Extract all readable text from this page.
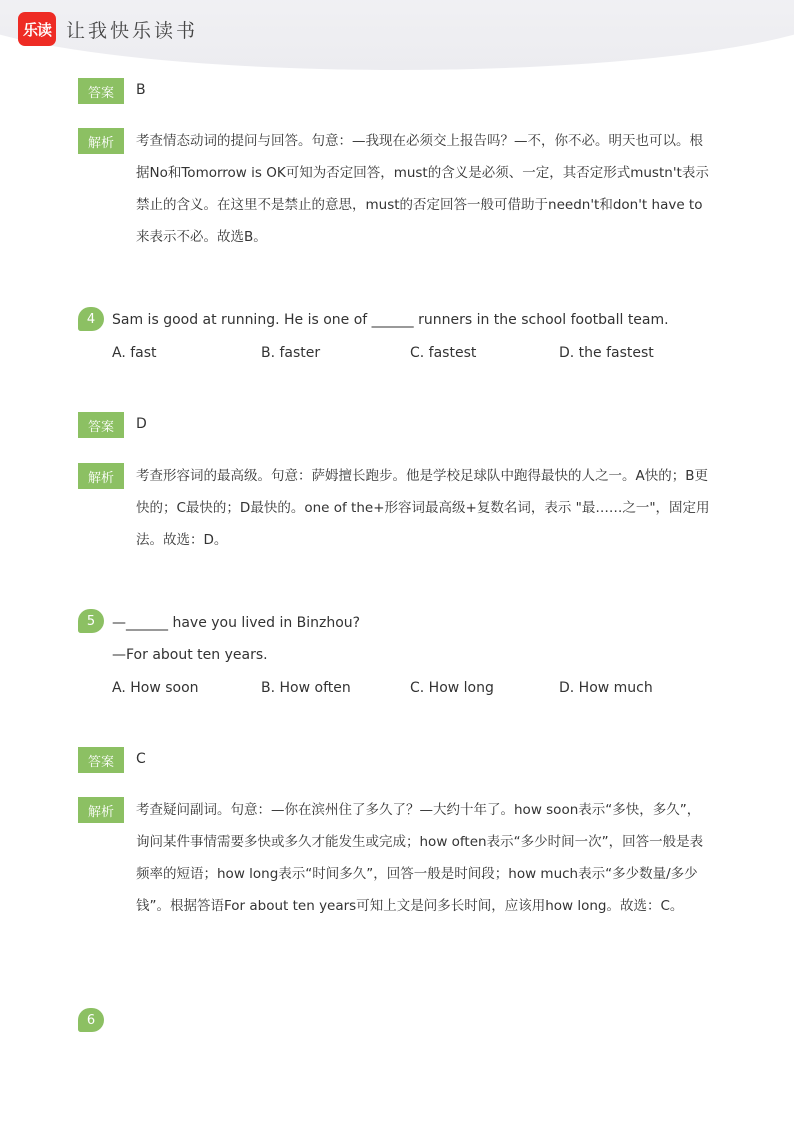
乐读 让我快乐读书
答案	B
解析	考查情态动词的提问与回答。句意：—我现在必须交上报告吗？—不，你不必。明天也可以。根据No和Tomorrow is OK可知为否定回答，must的含义是必须、一定，其否定形式mustn't表示禁止的含义。在这里不是禁止的意思，must的否定回答一般可借助于needn't和don't have to来表示不必。故选B。
4	Sam is good at running. He is one of ______ runners in the school football team.
A. fast	B. faster	C. fastest	D. the fastest
答案	D
解析	考查形容词的最高级。句意：萨姆擅长跑步。他是学校足球队中跑得最快的人之一。A快的；B更快的；C最快的；D最快的。one of the+形容词最高级+复数名词，表示 "最……之一"，固定用法。故选：D。
5	—______ have you lived in Binzhou?
—For about ten years.
A. How soon	B. How often	C. How long	D. How much
答案	C
解析	考查疑问副词。句意：—你在滨州住了多久了？—大约十年了。how soon表示“多快，多久”，询问某件事情需要多快或多久才能发生或完成；how often表示“多少时间一次”，回答一般是表频率的短语；how long表示“时间多久”，回答一般是时间段；how much表示“多少数量/多少钱”。根据答语For about ten years可知上文是问多长时间，应该用how long。故选：C。
6
